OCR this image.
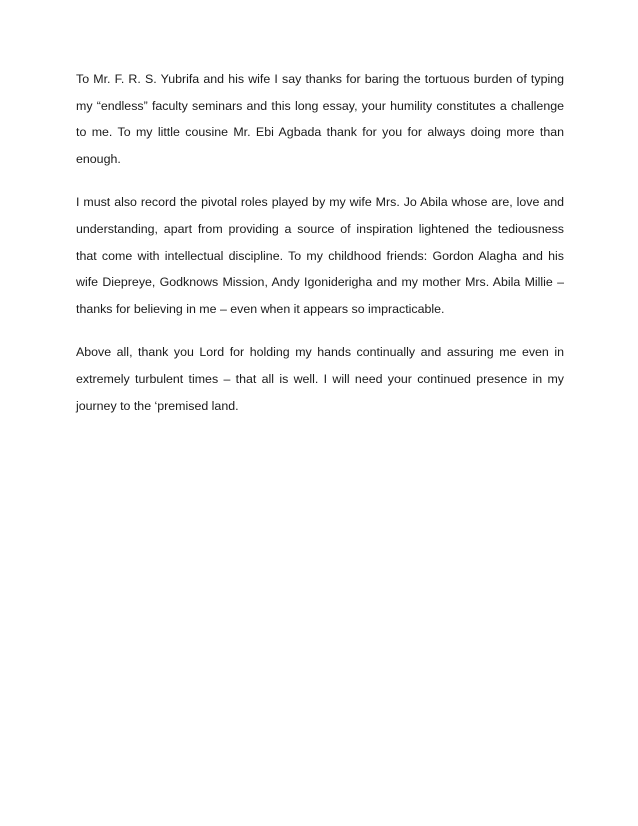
To Mr. F. R. S. Yubrifa and his wife I say thanks for baring the tortuous burden of typing my “endless” faculty seminars and this long essay, your humility constitutes a challenge to me. To my little cousine Mr. Ebi Agbada thank for you for always doing more than enough.

I must also record the pivotal roles played by my wife Mrs. Jo Abila whose are, love and understanding, apart from providing a source of inspiration lightened the tediousness that come with intellectual discipline. To my childhood friends: Gordon Alagha and his wife Diepreye, Godknows Mission, Andy Igoniderigha and my mother Mrs. Abila Millie – thanks for believing in me – even when it appears so impracticable.

Above all, thank you Lord for holding my hands continually and assuring me even in extremely turbulent times – that all is well. I will need your continued presence in my journey to the ‘premised land.
